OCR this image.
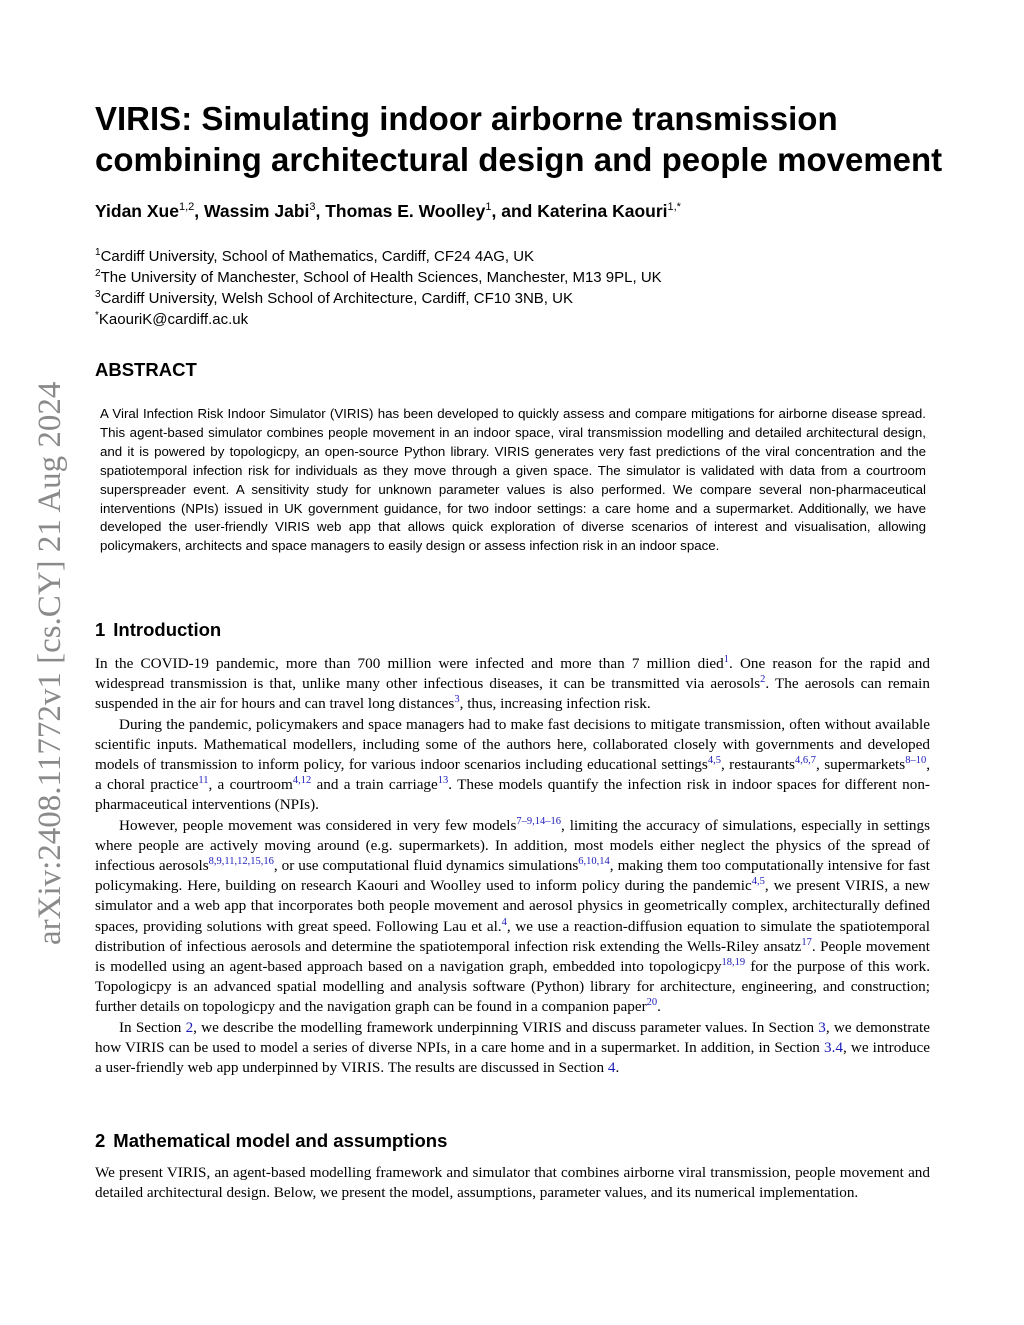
arXiv:2408.11772v1 [cs.CY] 21 Aug 2024
VIRIS: Simulating indoor airborne transmission combining architectural design and people movement
Yidan Xue$^{1,2}$, Wassim Jabi$^3$, Thomas E. Woolley$^1$, and Katerina Kaouri$^{1,*}$
$^1$Cardiff University, School of Mathematics, Cardiff, CF24 4AG, UK
$^2$The University of Manchester, School of Health Sciences, Manchester, M13 9PL, UK
$^3$Cardiff University, Welsh School of Architecture, Cardiff, CF10 3NB, UK
*KaouriK@cardiff.ac.uk
ABSTRACT

A Viral Infection Risk Indoor Simulator (VIRIS) has been developed to quickly assess and compare mitigations for airborne disease spread. This agent-based simulator combines people movement in an indoor space, viral transmission modelling and detailed architectural design, and it is powered by topologicpy, an open-source Python library. VIRIS generates very fast predictions of the viral concentration and the spatiotemporal infection risk for individuals as they move through a given space. The simulator is validated with data from a courtroom superspreader event. A sensitivity study for unknown parameter values is also performed. We compare several non-pharmaceutical interventions (NPIs) issued in UK government guidance, for two indoor settings: a care home and a supermarket. Additionally, we have developed the user-friendly VIRIS web app that allows quick exploration of diverse scenarios of interest and visualisation, allowing policymakers, architects and space managers to easily design or assess infection risk in an indoor space.

1 Introduction

In the COVID-19 pandemic, more than 700 million were infected and more than 7 million died$^1$. One reason for the rapid and widespread transmission is that, unlike many other infectious diseases, it can be transmitted via aerosols$^2$. The aerosols can remain suspended in the air for hours and can travel long distances$^3$, thus, increasing infection risk.

During the pandemic, policymakers and space managers had to make fast decisions to mitigate transmission, often without available scientific inputs. Mathematical modellers, including some of the authors here, collaborated closely with governments and developed models of transmission to inform policy, for various indoor scenarios including educational settings$^{4,5}$, restaurants$^{4,6,7}$, supermarkets$^{8-10}$, a choral practice$^{11}$, a courtroom$^{4,12}$ and a train carriage$^{13}$. These models quantify the infection risk in indoor spaces for different non-pharmaceutical interventions (NPIs).

However, people movement was considered in very few models$^{7-9,14-16}$, limiting the accuracy of simulations, especially in settings where people are actively moving around (e.g. supermarkets). In addition, most models either neglect the physics of the spread of infectious aerosols$^{8,9,11,12,15,16}$, or use computational fluid dynamics simulations$^{6,10,14}$, making them too computationally intensive for fast policymaking. Here, building on research Kaouri and Woolley used to inform policy during the pandemic$^{4,5}$, we present VIRIS, a new simulator and a web app that incorporates both people movement and aerosol physics in geometrically complex, architecturally defined spaces, providing solutions with great speed. Following Lau et al.$^4$, we use a reaction-diffusion equation to simulate the spatiotemporal distribution of infectious aerosols and determine the spatiotemporal infection risk extending the Wells-Riley ansatz$^{17}$. People movement is modelled using an agent-based approach based on a navigation graph, embedded into topologicpy$^{18,19}$ for the purpose of this work. Topologicpy is an advanced spatial modelling and analysis software (Python) library for architecture, engineering, and construction; further details on topologicpy and the navigation graph can be found in a companion paper$^{20}$.

In Section 2, we describe the modelling framework underpinning VIRIS and discuss parameter values. In Section 3, we demonstrate how VIRIS can be used to model a series of diverse NPIs, in a care home and in a supermarket. In addition, in Section 3.4, we introduce a user-friendly web app underpinned by VIRIS. The results are discussed in Section 4.

2 Mathematical model and assumptions

We present VIRIS, an agent-based modelling framework and simulator that combines airborne viral transmission, people movement and detailed architectural design. Below, we present the model, assumptions, parameter values, and its numerical implementation.
